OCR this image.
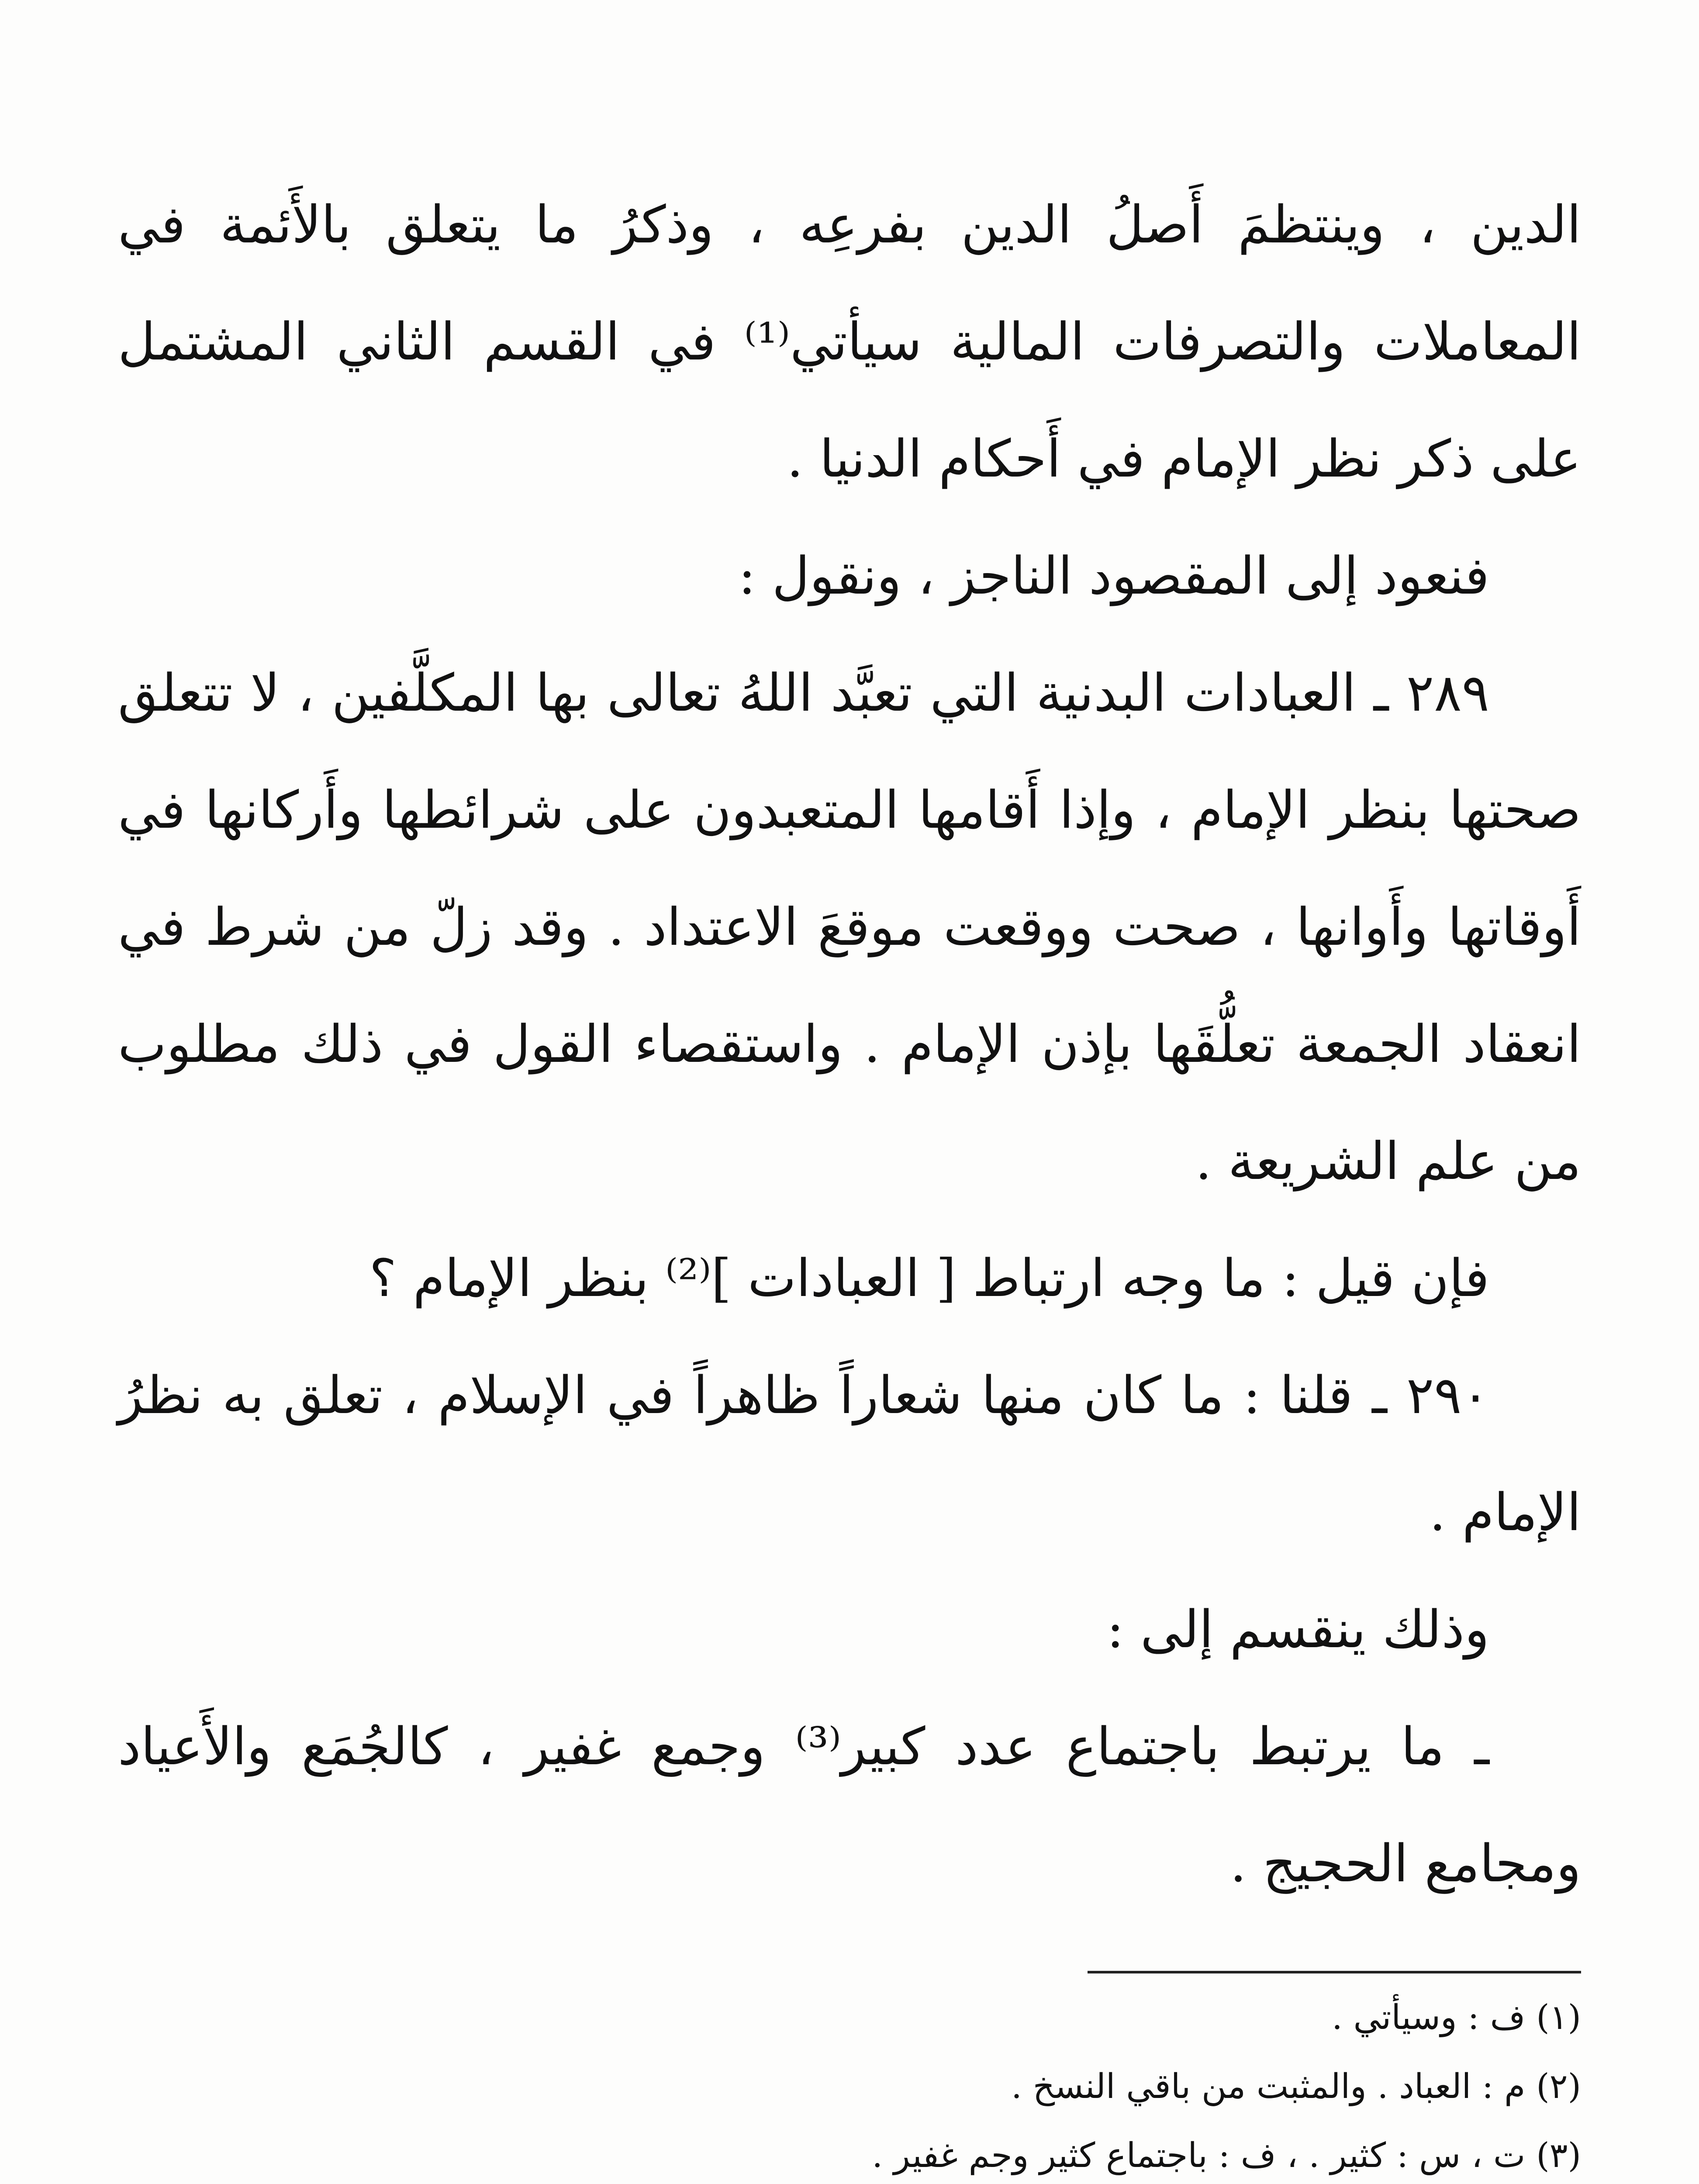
الدين ، وينتظمَ أَصلُ الدين بفرعِه ، وذكرُ ما يتعلق بالأَئمة في المعاملات والتصرفات المالية سيأتي⁽¹⁾ في القسم الثاني المشتمل على ذكر نظر الإمام في أَحكام الدنيا .

فنعود إلى المقصود الناجز ، ونقول :

٢٨٩ ـ العبادات البدنية التي تعبَّد اللهُ تعالى بها المكلَّفين ، لا تتعلق صحتها بنظر الإمام ، وإذا أَقامها المتعبدون على شرائطها وأَركانها في أَوقاتها وأَوانها ، صحت ووقعت موقعَ الاعتداد . وقد زلّ من شرط في انعقاد الجمعة تعلُّقَها بإذن الإمام . واستقصاء القول في ذلك مطلوب من علم الشريعة .

فإن قيل : ما وجه ارتباط [ العبادات ]⁽²⁾ بنظر الإمام ؟

٢٩٠ ـ قلنا : ما كان منها شعاراً ظاهراً في الإسلام ، تعلق به نظرُ الإمام .

وذلك ينقسم إلى :

ـ ما يرتبط باجتماع عدد كبير⁽³⁾ وجمع غفير ، كالجُمَع والأَعياد ومجامع الحجيج .

(١) ف : وسيأتي .

(٢) م : العباد . والمثبت من باقي النسخ .

(٣) ت ، س : كثير . ، ف : باجتماع كثير وجم غفير .
